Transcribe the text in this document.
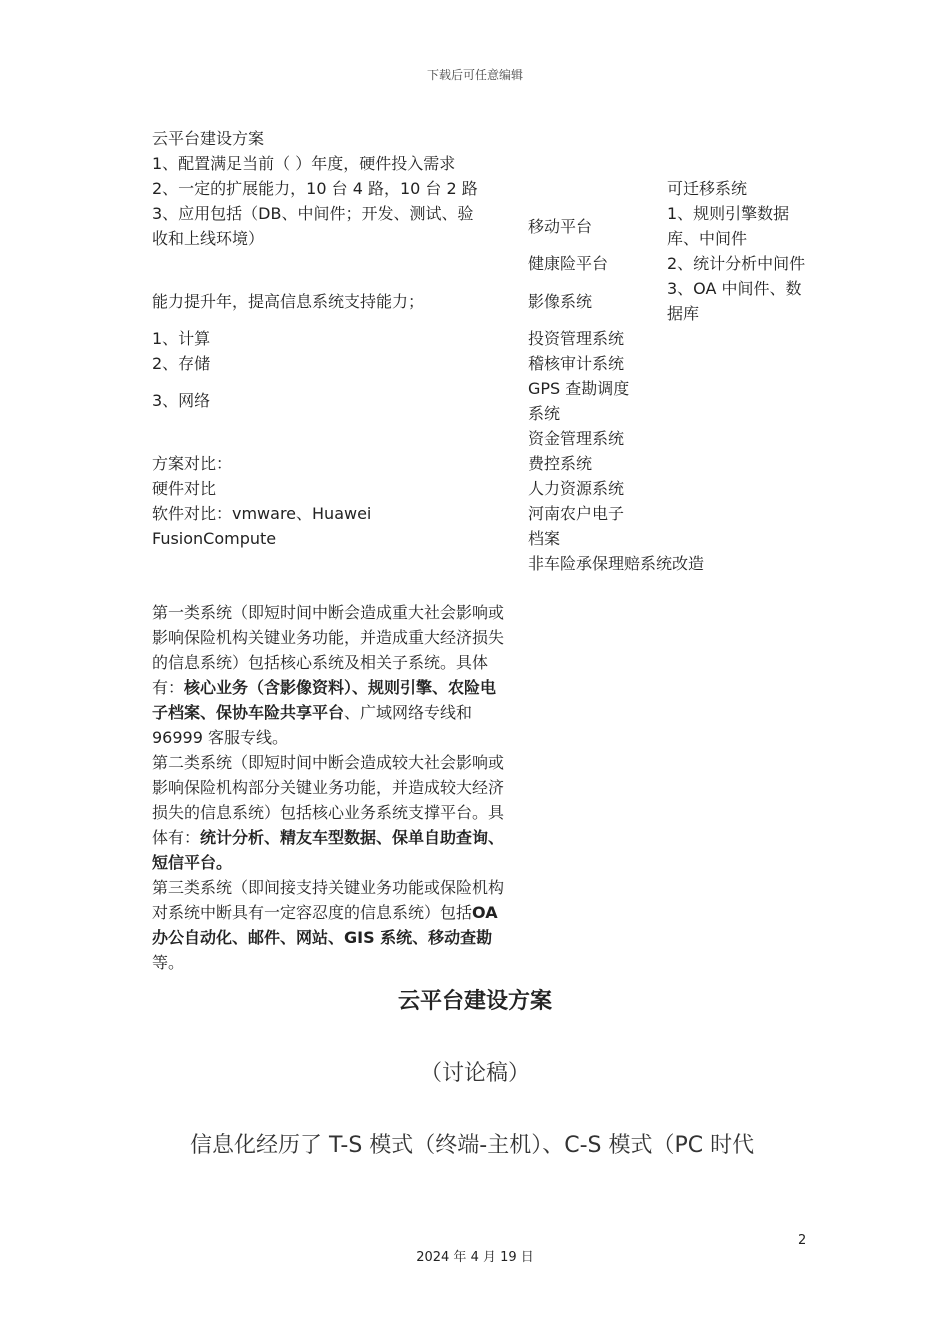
下载后可任意编辑
云平台建设方案
1、配置满足当前（ ）年度，硬件投入需求
2、一定的扩展能力，10 台 4 路，10 台 2 路
3、应用包括（DB、中间件；开发、测试、验
收和上线环境）
能力提升年，提高信息系统支持能力；
1、计算
2、存储
3、网络
方案对比：
硬件对比
软件对比：vmware、Huawei
FusionCompute
移动平台
健康险平台
影像系统
投资管理系统
稽核审计系统
GPS 查勘调度
系统
资金管理系统
费控系统
人力资源系统
河南农户电子
档案
非车险承保理赔系统改造
可迁移系统
1、规则引擎数据
库、中间件
2、统计分析中间件
3、OA 中间件、数
据库
第一类系统（即短时间中断会造成重大社会影响或影响保险机构关键业务功能，并造成重大经济损失的信息系统）包括核心系统及相关子系统。具体有：核心业务（含影像资料）、规则引擎、农险电子档案、保协车险共享平台、广域网络专线和 96999 客服专线。
第二类系统（即短时间中断会造成较大社会影响或影响保险机构部分关键业务功能，并造成较大经济损失的信息系统）包括核心业务系统支撑平台。具体有：统计分析、精友车型数据、保单自助查询、短信平台。
第三类系统（即间接支持关键业务功能或保险机构对系统中断具有一定容忍度的信息系统）包括OA 办公自动化、邮件、网站、GIS 系统、移动查勘等。
云平台建设方案
（讨论稿）
信息化经历了 T-S 模式（终端-主机）、C-S 模式（PC 时代
2
2024 年 4 月 19 日
